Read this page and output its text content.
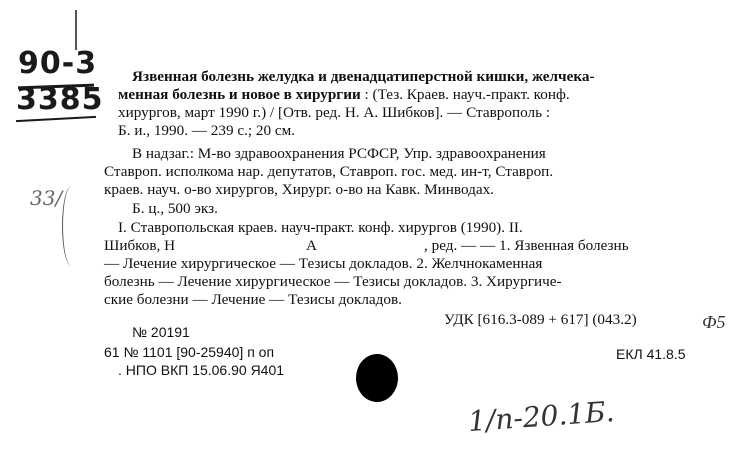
90-3
3385
33/
Язвенная болезнь желудка и двенадцатиперстной кишки, желчека-
менная болезнь и новое в хирургии : (Тез. Краев. науч.-практ. конф.
хирургов, март 1990 г.) / [Отв. ред. Н. А. Шибков]. — Ставрополь :
Б. и., 1990. — 239 с.; 20 см.
В надзаг.: М-во здравоохранения РСФСР, Упр. здравоохранения
Ставроп. исполкома нар. депутатов, Ставроп. гос. мед. ин-т, Ставроп.
краев. науч. о-во хирургов, Хирург. о-во на Кавк. Минводах.
Б. ц., 500 экз.
I. Ставропольская краев. науч-практ. конф. хирургов (1990). II.
Шибков, Н	А	, ред. — — 1. Язвенная болезнь
— Лечение хирургическое — Тезисы докладов. 2. Желчнокаменная
болезнь — Лечение хирургическое — Тезисы докладов. 3. Хирургиче-
ские болезни — Лечение — Тезисы докладов.
УДК [616.3-089 + 617] (043.2)	Ф5
№ 20191
61 № 1101 [90-25940] п оп
. НПО ВКП 15.06.90 Я401
ЕКЛ 41.8.5
1/п-20.1Б.
